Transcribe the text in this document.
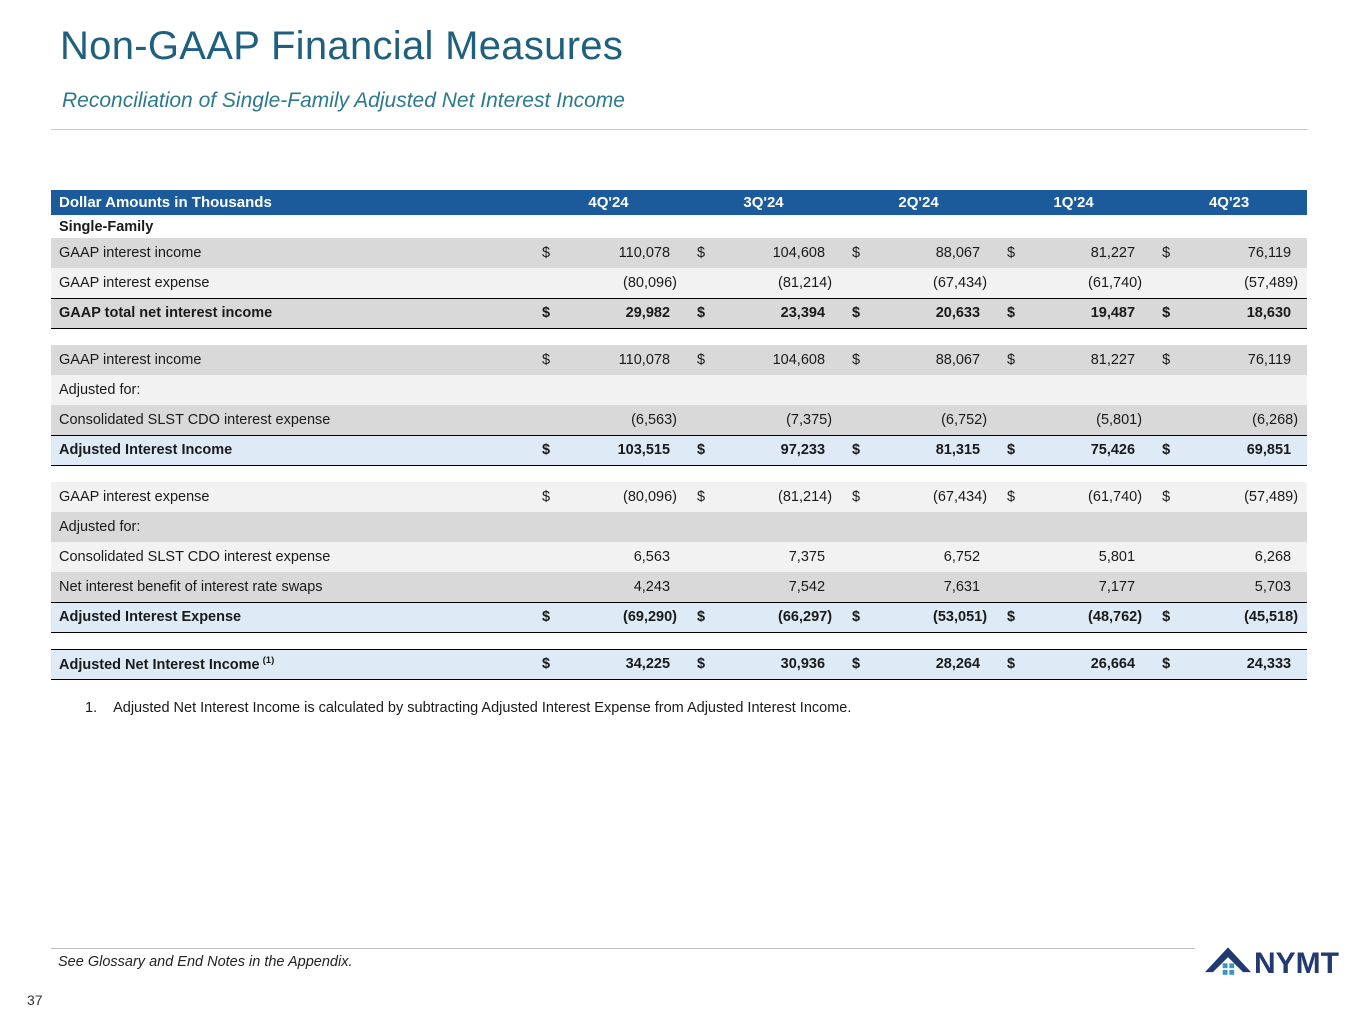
Non-GAAP Financial Measures
Reconciliation of Single-Family Adjusted Net Interest Income
Dollar Amounts in Thousands	4Q'24		3Q'24		2Q'24		1Q'24		4Q'23	
Single-Family										
GAAP interest income	$	110,078	$	104,608	$	88,067	$	81,227	$	76,119
GAAP interest expense		(80,096)		(81,214)		(67,434)		(61,740)		(57,489)
GAAP total net interest income	$	29,982	$	23,394	$	20,633	$	19,487	$	18,630

GAAP interest income	$	110,078	$	104,608	$	88,067	$	81,227	$	76,119
Adjusted for:										
Consolidated SLST CDO interest expense		(6,563)		(7,375)		(6,752)		(5,801)		(6,268)
Adjusted Interest Income	$	103,515	$	97,233	$	81,315	$	75,426	$	69,851

GAAP interest expense	$	(80,096)	$	(81,214)	$	(67,434)	$	(61,740)	$	(57,489)
Adjusted for:										
Consolidated SLST CDO interest expense		6,563		7,375		6,752		5,801		6,268
Net interest benefit of interest rate swaps		4,243		7,542		7,631		7,177		5,703
Adjusted Interest Expense	$	(69,290)	$	(66,297)	$	(53,051)	$	(48,762)	$	(45,518)

Adjusted Net Interest Income $^{(1)}$	$	34,225	$	30,936	$	28,264	$	26,664	$	24,333
1. Adjusted Net Interest Income is calculated by subtracting Adjusted Interest Expense from Adjusted Interest Income.
See Glossary and End Notes in the Appendix.	NYMT
37
